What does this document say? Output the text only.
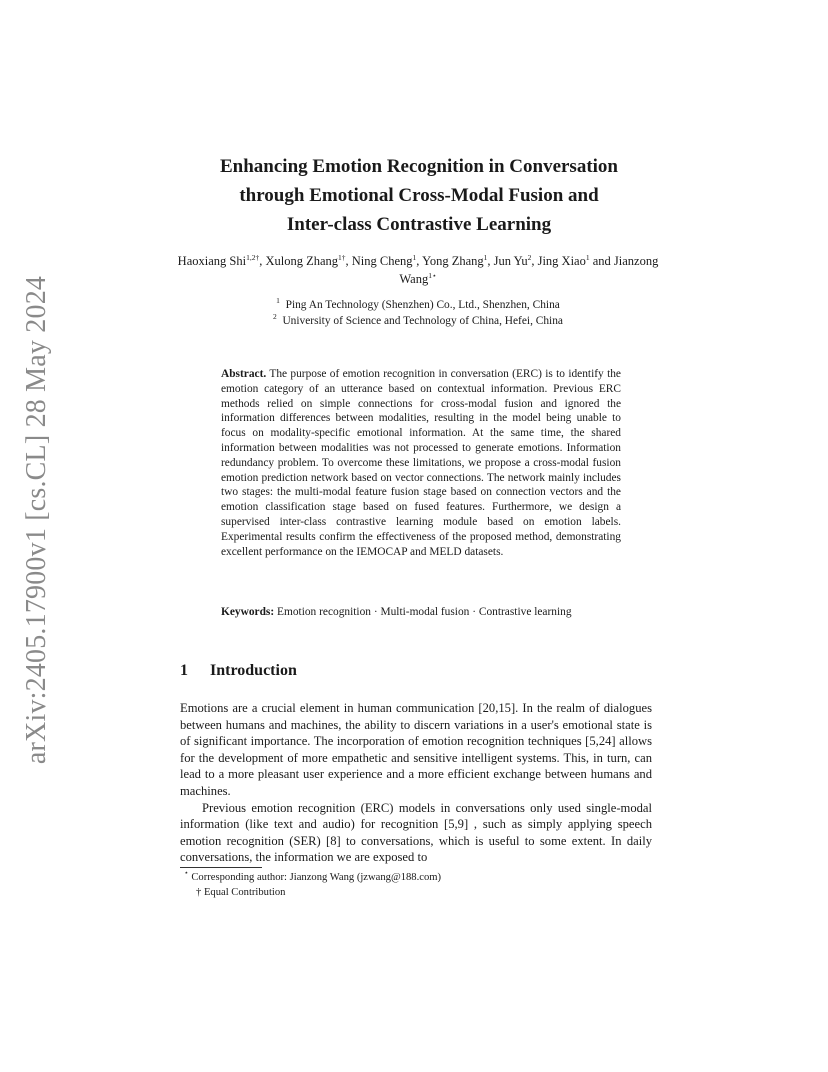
arXiv:2405.17900v1 [cs.CL] 28 May 2024
Enhancing Emotion Recognition in Conversation
through Emotional Cross-Modal Fusion and
Inter-class Contrastive Learning
Haoxiang Shi$^{1,2\dagger}$, Xulong Zhang$^{1\dagger}$, Ning Cheng$^1$, Yong Zhang$^1$, Jun Yu$^2$, Jing Xiao$^1$ and Jianzong Wang$^{1⋆}$
$^1$ Ping An Technology (Shenzhen) Co., Ltd., Shenzhen, China
$^2$ University of Science and Technology of China, Hefei, China

Abstract. The purpose of emotion recognition in conversation (ERC) is to identify the emotion category of an utterance based on contextual information. Previous ERC methods relied on simple connections for cross-modal fusion and ignored the information differences between modalities, resulting in the model being unable to focus on modality-specific emotional information. At the same time, the shared information between modalities was not processed to generate emotions. Information redundancy problem. To overcome these limitations, we propose a cross-modal fusion emotion prediction network based on vector connections. The network mainly includes two stages: the multi-modal feature fusion stage based on connection vectors and the emotion classification stage based on fused features. Furthermore, we design a supervised inter-class contrastive learning module based on emotion labels. Experimental results confirm the effectiveness of the proposed method, demonstrating excellent performance on the IEMOCAP and MELD datasets.

Keywords: Emotion recognition · Multi-modal fusion · Contrastive learning

1 Introduction

Emotions are a crucial element in human communication [20,15]. In the realm of dialogues between humans and machines, the ability to discern variations in a user's emotional state is of significant importance. The incorporation of emotion recognition techniques [5,24] allows for the development of more empathetic and sensitive intelligent systems. This, in turn, can lead to a more pleasant user experience and a more efficient exchange between humans and machines.

Previous emotion recognition (ERC) models in conversations only used single-modal information (like text and audio) for recognition [5,9] , such as simply applying speech emotion recognition (SER) [8] to conversations, which is useful to some extent. In daily conversations, the information we are exposed to

⋆ Corresponding author: Jianzong Wang (jzwang@188.com)
† Equal Contribution
